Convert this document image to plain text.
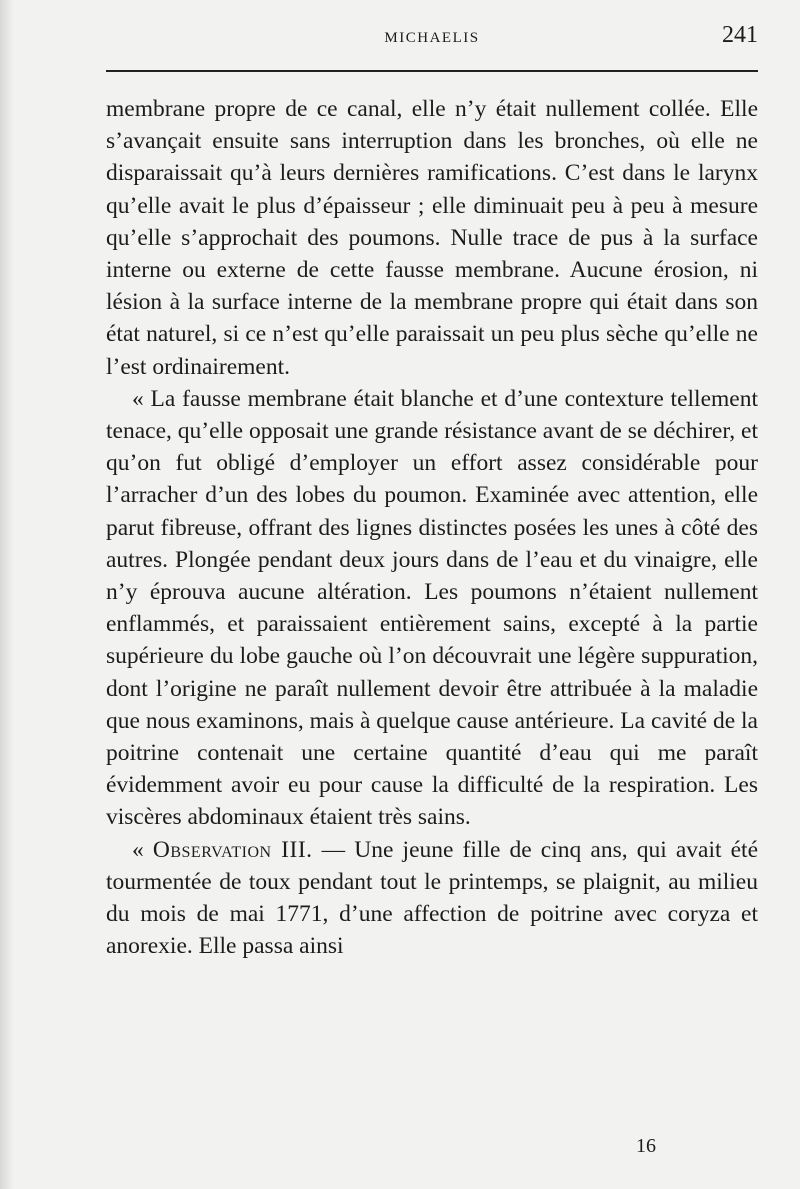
MICHAELIS	241

membrane propre de ce canal, elle n’y était nullement collée. Elle s’avançait ensuite sans interruption dans les bronches, où elle ne disparaissait qu’à leurs dernières ramifications. C’est dans le larynx qu’elle avait le plus d’épaisseur ; elle diminuait peu à peu à mesure qu’elle s’approchait des poumons. Nulle trace de pus à la surface interne ou externe de cette fausse membrane. Aucune érosion, ni lésion à la surface interne de la membrane propre qui était dans son état naturel, si ce n’est qu’elle paraissait un peu plus sèche qu’elle ne l’est ordinairement.

« La fausse membrane était blanche et d’une contexture tellement tenace, qu’elle opposait une grande résistance avant de se déchirer, et qu’on fut obligé d’employer un effort assez considérable pour l’arracher d’un des lobes du poumon. Examinée avec attention, elle parut fibreuse, offrant des lignes distinctes posées les unes à côté des autres. Plongée pendant deux jours dans de l’eau et du vinaigre, elle n’y éprouva aucune altération. Les poumons n’étaient nullement enflammés, et paraissaient entièrement sains, excepté à la partie supérieure du lobe gauche où l’on découvrait une légère suppuration, dont l’origine ne paraît nullement devoir être attribuée à la maladie que nous examinons, mais à quelque cause antérieure. La cavité de la poitrine contenait une certaine quantité d’eau qui me paraît évidemment avoir eu pour cause la difficulté de la respiration. Les viscères abdominaux étaient très sains.

« Observation III. — Une jeune fille de cinq ans, qui avait été tourmentée de toux pendant tout le printemps, se plaignit, au milieu du mois de mai 1771, d’une affection de poitrine avec coryza et anorexie. Elle passa ainsi

16
